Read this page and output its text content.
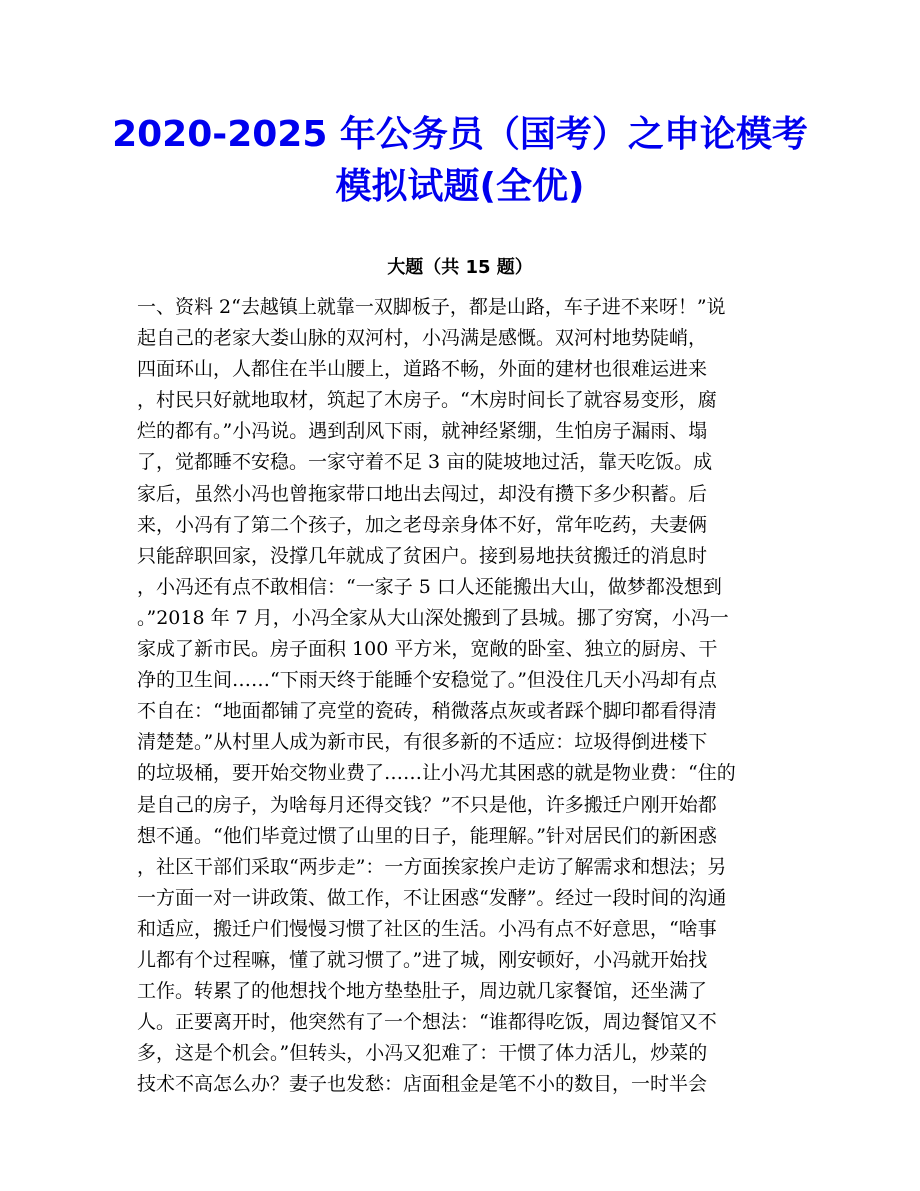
2020-2025 年公务员（国考）之申论模考
模拟试题(全优)
大题（共 15 题）
一、资料 2“去越镇上就靠一双脚板子，都是山路，车子进不来呀！”说
起自己的老家大娄山脉的双河村，小冯满是感慨。双河村地势陡峭，
四面环山，人都住在半山腰上，道路不畅，外面的建材也很难运进来
，村民只好就地取材，筑起了木房子。“木房时间长了就容易变形，腐
烂的都有。”小冯说。遇到刮风下雨，就神经紧绷，生怕房子漏雨、塌
了，觉都睡不安稳。一家守着不足 3 亩的陡坡地过活，靠天吃饭。成
家后，虽然小冯也曾拖家带口地出去闯过，却没有攒下多少积蓄。后
来，小冯有了第二个孩子，加之老母亲身体不好，常年吃药，夫妻俩
只能辞职回家，没撑几年就成了贫困户。接到易地扶贫搬迁的消息时
，小冯还有点不敢相信：“一家子 5 口人还能搬出大山，做梦都没想到
。”2018 年 7 月，小冯全家从大山深处搬到了县城。挪了穷窝，小冯一
家成了新市民。房子面积 100 平方米，宽敞的卧室、独立的厨房、干
净的卫生间……“下雨天终于能睡个安稳觉了。”但没住几天小冯却有点
不自在：“地面都铺了亮堂的瓷砖，稍微落点灰或者踩个脚印都看得清
清楚楚。”从村里人成为新市民，有很多新的不适应：垃圾得倒进楼下
的垃圾桶，要开始交物业费了……让小冯尤其困惑的就是物业费：“住的
是自己的房子，为啥每月还得交钱？”不只是他，许多搬迁户刚开始都
想不通。“他们毕竟过惯了山里的日子，能理解。”针对居民们的新困惑
，社区干部们采取“两步走”：一方面挨家挨户走访了解需求和想法；另
一方面一对一讲政策、做工作，不让困惑“发酵”。经过一段时间的沟通
和适应，搬迁户们慢慢习惯了社区的生活。小冯有点不好意思，“啥事
儿都有个过程嘛，懂了就习惯了。”进了城，刚安顿好，小冯就开始找
工作。转累了的他想找个地方垫垫肚子，周边就几家餐馆，还坐满了
人。正要离开时，他突然有了一个想法：“谁都得吃饭，周边餐馆又不
多，这是个机会。”但转头，小冯又犯难了：干惯了体力活儿，炒菜的
技术不高怎么办？妻子也发愁：店面租金是笔不小的数目，一时半会
